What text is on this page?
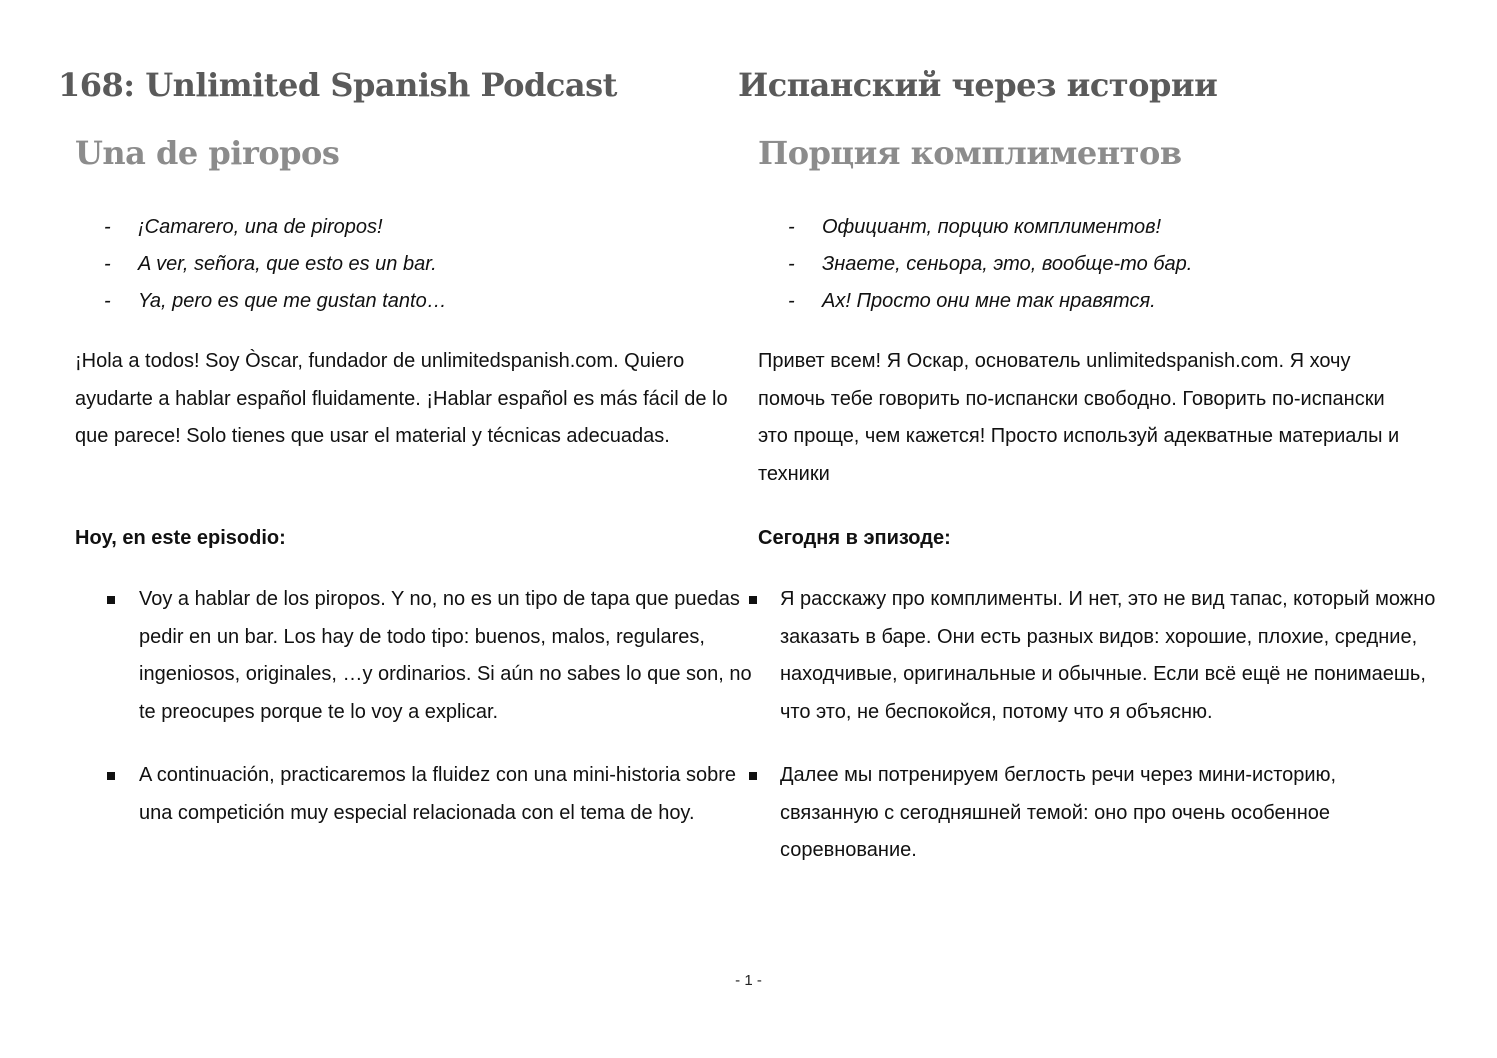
168: Unlimited Spanish Podcast
Una de piropos
- ¡Camarero, una de piropos!
- A ver, señora, que esto es un bar.
- Ya, pero es que me gustan tanto…

¡Hola a todos! Soy Òscar, fundador de unlimitedspanish.com. Quiero ayudarte a hablar español fluidamente. ¡Hablar español es más fácil de lo que parece! Solo tienes que usar el material y técnicas adecuadas.

Hoy, en este episodio:

Voy a hablar de los piropos. Y no, no es un tipo de tapa que puedas pedir en un bar. Los hay de todo tipo: buenos, malos, regulares, ingeniosos, originales, …y ordinarios. Si aún no sabes lo que son, no te preocupes porque te lo voy a explicar.
A continuación, practicaremos la fluidez con una mini-historia sobre una competición muy especial relacionada con el tema de hoy.
Испанский через истории
Порция комплиментов
- Официант, порцию комплиментов!
- Знаете, сеньора, это, вообще-то бар.
- Ах! Просто они мне так нравятся.

Привет всем! Я Оскар, основатель unlimitedspanish.com. Я хочу помочь тебе говорить по-испански свободно. Говорить по-испански это проще, чем кажется! Просто используй адекватные материалы и техники

Сегодня в эпизоде:

Я расскажу про комплименты. И нет, это не вид тапас, который можно заказать в баре. Они есть разных видов: хорошие, плохие, средние, находчивые, оригинальные и обычные. Если всё ещё не понимаешь, что это, не беспокойся, потому что я объясню.
Далее мы потренируем беглость речи через мини-историю, связанную с сегодняшней темой: оно про очень особенное соревнование.
- 1 -
